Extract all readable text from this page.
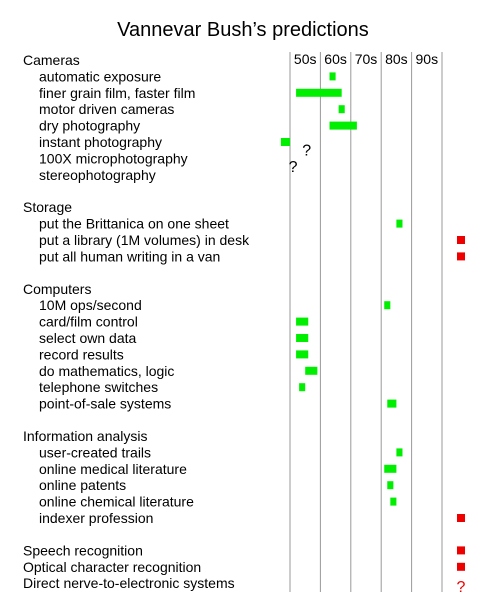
Vannevar Bush’s predictions
50s 60s 70s 80s 90s
Cameras
automatic exposure
finer grain film, faster film
motor driven cameras
dry photography
instant photography
100X microphotography
stereophotography
Storage
put the Brittanica on one sheet
put a library (1M volumes) in desk
put all human writing in a van
Computers
10M ops/second
card/film control
select own data
record results
do mathematics, logic
telephone switches
point-of-sale systems
Information analysis
user-created trails
online medical literature
online patents
online chemical literature
indexer profession
Speech recognition
Optical character recognition
Direct nerve-to-electronic systems
?
?
?
